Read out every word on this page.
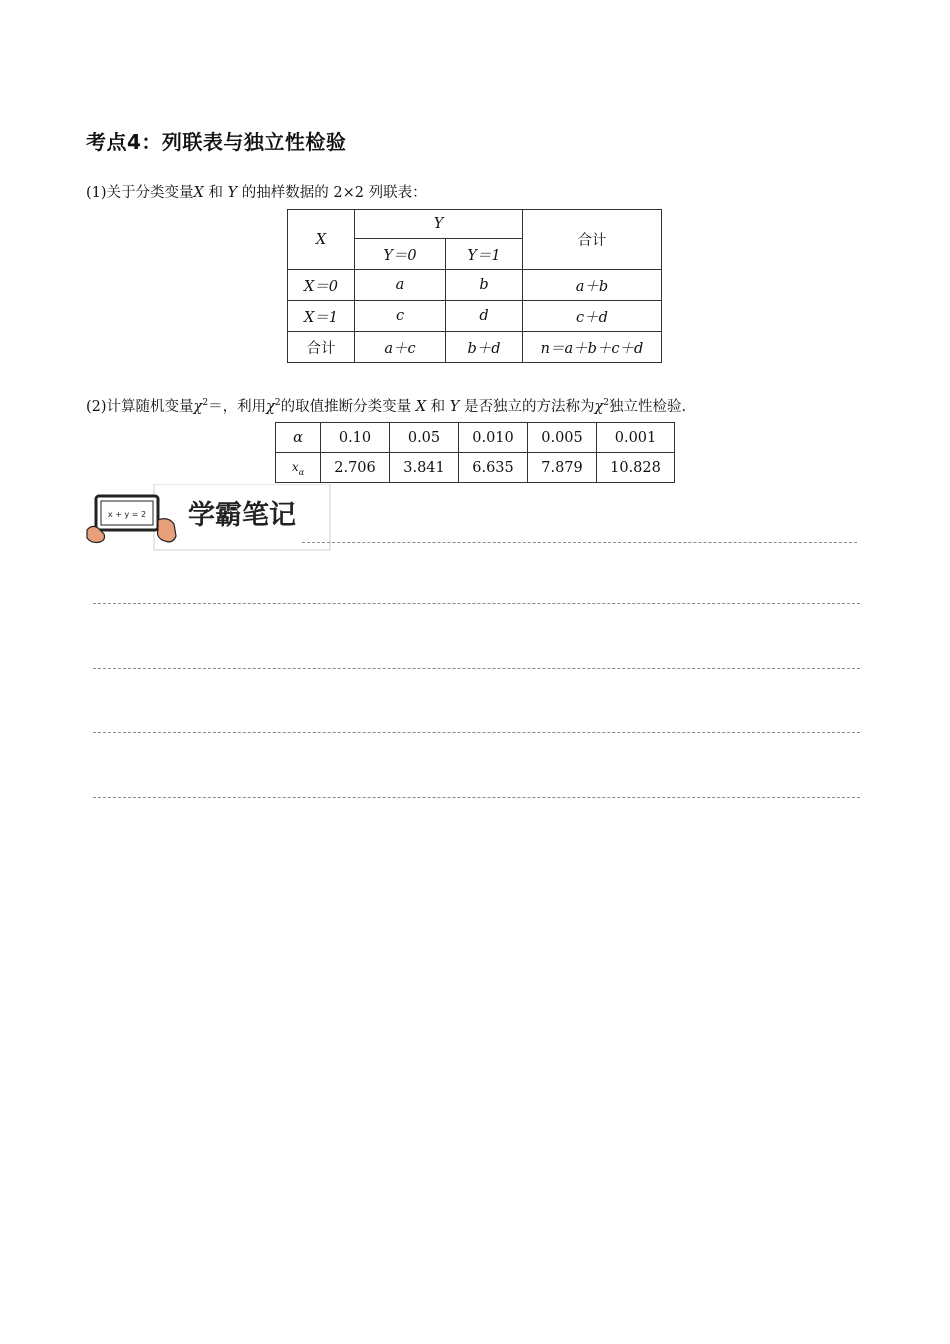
考点4：列联表与独立性检验
(1)关于分类变量X 和 Y 的抽样数据的 2×2 列联表：
X	Y		合计
	Y＝0	Y＝1	
X＝0	a	b	a＋b
X＝1	c	d	c＋d
合计	a＋c	b＋d	n＝a＋b＋c＋d
(2)计算随机变量$\chi^2=$，利用$\chi^2$的取值推断分类变量 X 和 Y 是否独立的方法称为$\chi^2$独立性检验.
α	0.10	0.05	0.010	0.005	0.001
$x_\alpha$	2.706	3.841	6.635	7.879	10.828
x + y = 2 学霸笔记
